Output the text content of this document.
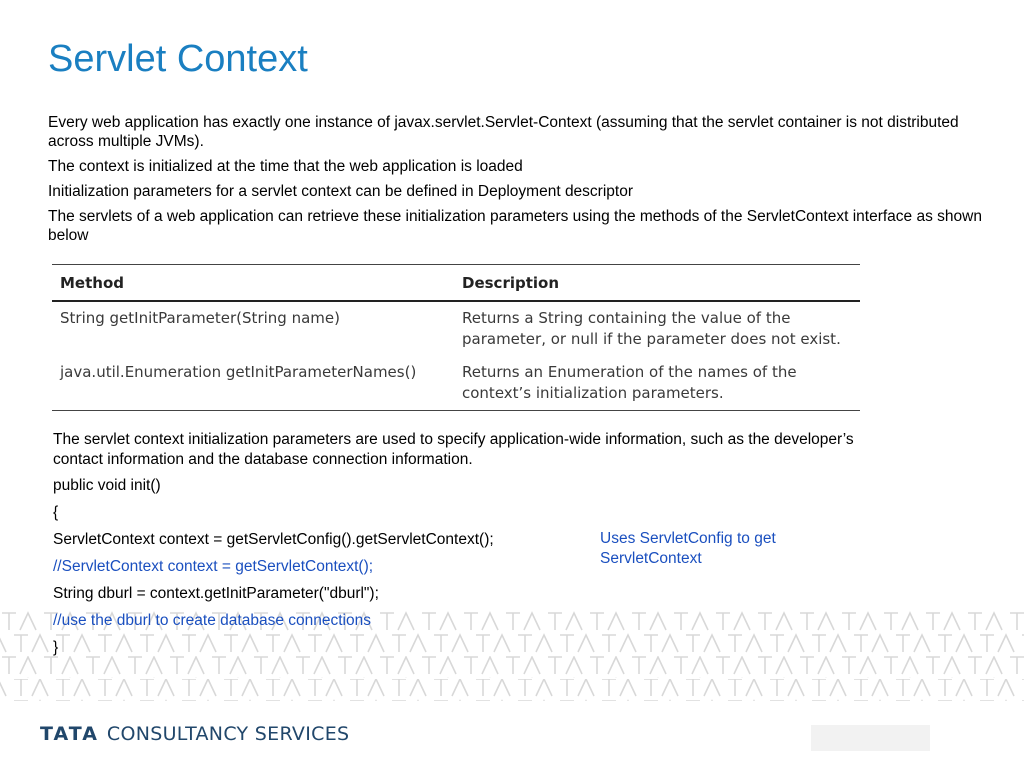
Servlet Context

Every web application has exactly one instance of javax.servlet.Servlet-Context (assuming that the servlet container is not distributed across multiple JVMs).

The context is initialized at the time that the web application is loaded

Initialization parameters for a servlet context can be defined in Deployment descriptor

The servlets of a web application can retrieve these initialization parameters using the methods of the ServletContext interface as shown below

Method	Description
String getInitParameter(String name)	Returns a String containing the value of the parameter, or null if the parameter does not exist.
java.util.Enumeration getInitParameterNames()	Returns an Enumeration of the names of the context’s initialization parameters.

The servlet context initialization parameters are used to specify application-wide information, such as the developer’s contact information and the database connection information.

public void init()

{

ServletContext context = getServletConfig().getServletContext();

//ServletContext context = getServletContext();

String dburl = context.getInitParameter("dburl");

//use the dburl to create database connections

}

Uses ServletConfig to get ServletContext
TATA CONSULTANCY SERVICES
